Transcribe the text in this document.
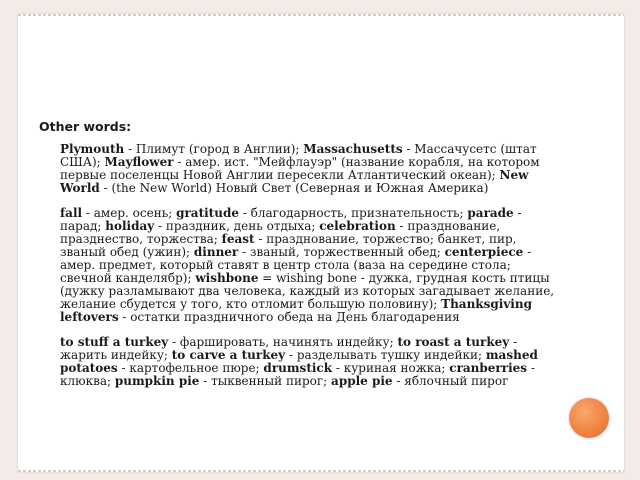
Other words:
Plymouth - Плимут (город в Англии); Massachusetts - Массачусетс (штат США); Mayflower - амер. ист. "Мейфлауэр" (название корабля, на котором первые поселенцы Новой Англии пересекли Атлантический океан); New World - (the New World) Новый Свет (Северная и Южная Америка)
fall - амер. осень; gratitude - благодарность, признательность; parade - парад; holiday - праздник, день отдыха; celebration - празднование, празднество, торжества; feast - празднование, торжество; банкет, пир, званый обед (ужин); dinner - званый, торжественный обед; centerpiece - амер. предмет, который ставят в центр стола (ваза на середине стола; свечной канделябр); wishbone = wishing bone - дужка, грудная кость птицы (дужку разламывают два человека, каждый из которых загадывает желание, желание сбудется у того, кто отломит большую половину); Thanksgiving leftovers - остатки праздничного обеда на День благодарения
to stuff a turkey - фаршировать, начинять индейку; to roast a turkey - жарить индейку; to carve a turkey - разделывать тушку индейки; mashed potatoes - картофельное пюре; drumstick - куриная ножка; cranberries - клюква; pumpkin pie - тыквенный пирог; apple pie - яблочный пирог
